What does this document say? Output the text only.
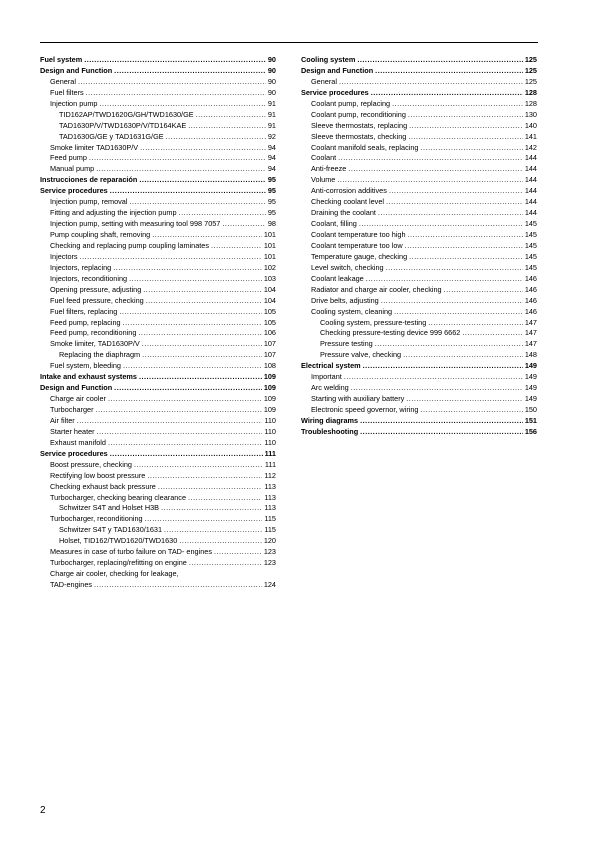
Fuel system .....	90
Design and Function .....	90
General .....	90
Fuel filters .....	90
Injection pump .....	91
TID162AP/TWD1620G/GH/TWD1630/GE .....	91
TAD1630P/V/TWD1630P/V/TD164KAE .....	91
TAD1630G/GE y TAD1631G/GE .....	92
Smoke limiter TAD1630P/V .....	94
Feed pump .....	94
Manual pump .....	94
Instrucciones de reparación .....	95
Service procedures .....	95
Injection pump, removal .....	95
Fitting and adjusting the injection pump .....	95
Injection pump, setting with measuring tool 998 7057 .....	98
Pump coupling shaft, removing .....	101
Checking and replacing pump coupling laminates .....	101
Injectors .....	101
Injectors, replacing .....	102
Injectors, reconditioning .....	103
Opening pressure, adjusting .....	104
Fuel feed pressure, checking .....	104
Fuel filters, replacing .....	105
Feed pump, replacing .....	105
Feed pump, reconditioning .....	106
Smoke limiter, TAD1630P/V .....	107
Replacing the diaphragm .....	107
Fuel system, bleeding .....	108
Intake and exhaust systems .....	109
Design and Function .....	109
Charge air cooler .....	109
Turbocharger .....	109
Air filter .....	110
Starter heater .....	110
Exhaust manifold .....	110
Service procedures .....	111
Boost pressure, checking .....	111
Rectifying low boost pressure .....	112
Checking exhaust back pressure .....	113
Turbocharger, checking bearing clearance .....	113
Schwitzer S4T and Holset H3B .....	113
Turbocharger, reconditioning .....	115
Schwitzer S4T y TAD1630/1631 .....	115
Holset, TID162/TWD1620/TWD1630 .....	120
Measures in case of turbo failure on TAD- engines .....	123
Turbocharger, replacing/refitting on engine .....	123
Charge air cooler, checking for leakage,
TAD-engines .....	124
Cooling system .....	125
Design and Function .....	125
General .....	125
Service procedures .....	128
Coolant pump, replacing .....	128
Coolant pump, reconditioning .....	130
Sleeve thermostats, replacing .....	140
Sleeve thermostats, checking .....	141
Coolant manifold seals, replacing .....	142
Coolant .....	144
Anti-freeze .....	144
Volume .....	144
Anti-corrosion additives .....	144
Checking coolant level .....	144
Draining the coolant .....	144
Coolant, filling .....	145
Coolant temperature too high .....	145
Coolant temperature too low .....	145
Temperature gauge, checking .....	145
Level switch, checking .....	145
Coolant leakage .....	146
Radiator and charge air cooler, checking .....	146
Drive belts, adjusting .....	146
Cooling system, cleaning .....	146
Cooling system, pressure-testing .....	147
Checking pressure-testing device 999 6662 .....	147
Pressure testing .....	147
Pressure valve, checking .....	148
Electrical system .....	149
Important .....	149
Arc welding .....	149
Starting with auxiliary battery .....	149
Electronic speed governor, wiring .....	150
Wiring diagrams .....	151
Troubleshooting .....	156
2
